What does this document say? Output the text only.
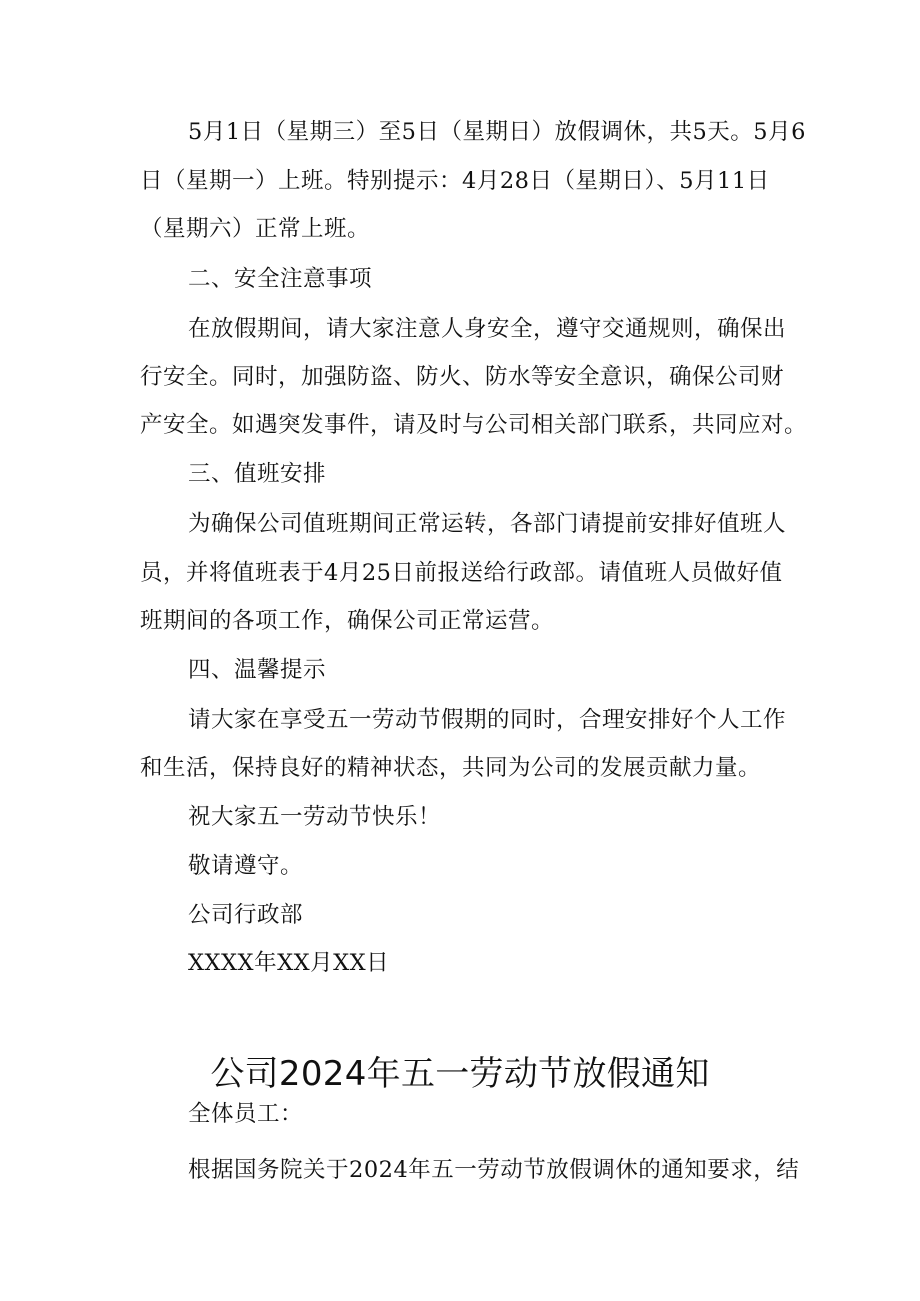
5月1日（星期三）至5日（星期日）放假调休，共5天。5月6
日（星期一）上班。特别提示：4月28日（星期日）、5月11日
（星期六）正常上班。
二、安全注意事项
在放假期间，请大家注意人身安全，遵守交通规则，确保出
行安全。同时，加强防盗、防火、防水等安全意识，确保公司财
产安全。如遇突发事件，请及时与公司相关部门联系，共同应对。
三、值班安排
为确保公司值班期间正常运转，各部门请提前安排好值班人
员，并将值班表于4月25日前报送给行政部。请值班人员做好值
班期间的各项工作，确保公司正常运营。
四、温馨提示
请大家在享受五一劳动节假期的同时，合理安排好个人工作
和生活，保持良好的精神状态，共同为公司的发展贡献力量。
祝大家五一劳动节快乐！
敬请遵守。
公司行政部
XXXX年XX月XX日
公司2024年五一劳动节放假通知
全体员工：
根据国务院关于2024年五一劳动节放假调休的通知要求，结
